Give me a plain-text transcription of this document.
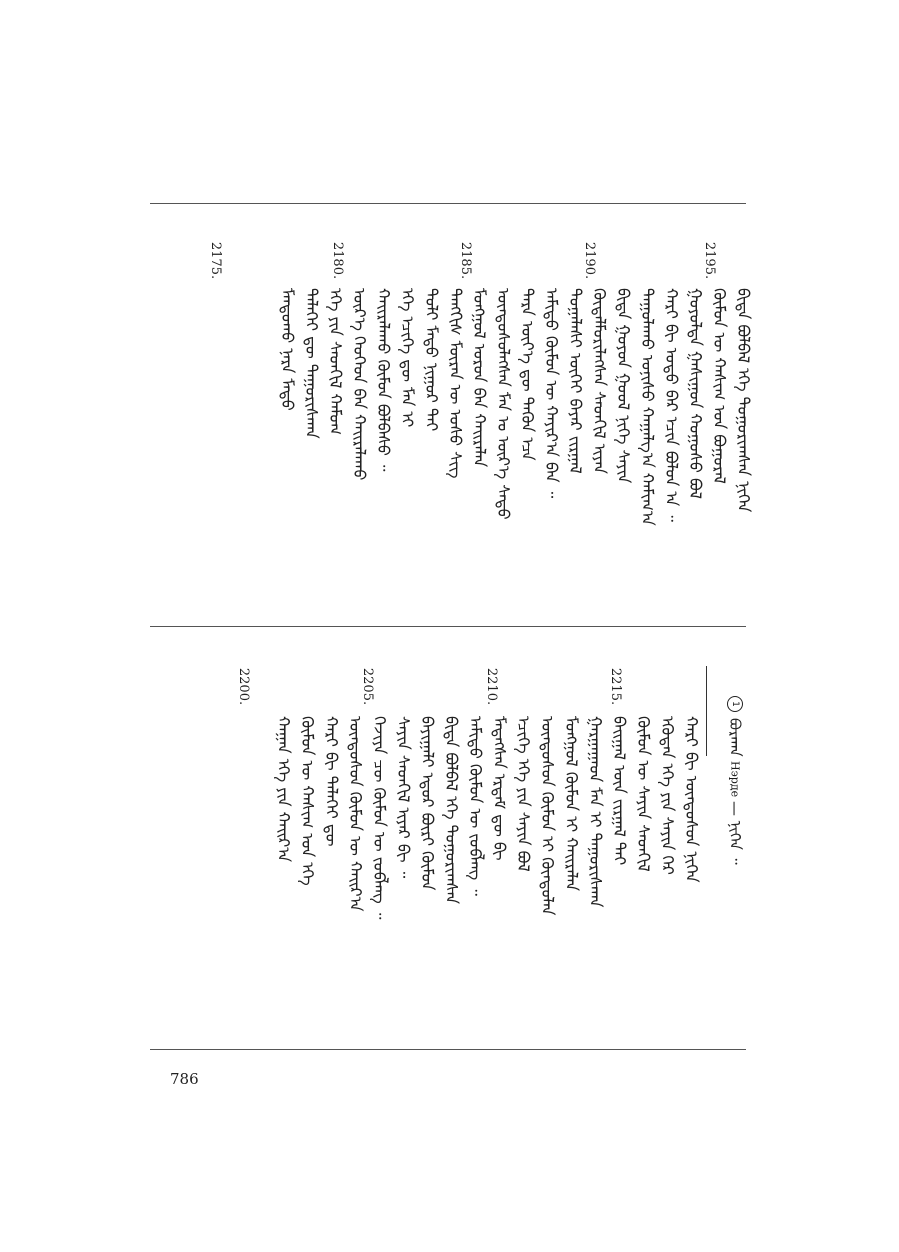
ᠪᠢᠳᠡ ᠪᠣᠯᠪᠠᠯ ᠡᠬᠡ ᠲᠣᠭᠣᠷᠢᠭᠰᠠᠨ ᠨᠢᠭᠡᠨ
ᠬᠦᠮᠦᠨ ᠦ ᠬᠠᠰᠢᠭ ᠤᠨ ᠪᠤᠭᠤᠷᠠᠯ
ᠭᠤᠶᠤᠯᠲᠠ ᠭᠠᠰᠢᠭᠤᠨ ᠬᠣᠭᠣᠰᠤ ᠪᠣᠯ
ᠬᠠᠷᠢ ᠪᠢ ᠣᠳᠣ ᠪᠠᠷ ᠡᠴᠢᠨ ᠪᠣᠯᠤᠨ ᠠ ᠃
ᠳᠠᠭᠤᠯᠠᠬᠤ ᠣᠨᠢᠰᠤ ᠬᠠᠭᠠᠯᠭ᠎ᠠ ᠬᠠᠮᠢᠭ᠎ᠠ
ᠪᠢᠳᠡ ᠭᠤᠶᠤᠨ ᠭᠣᠣᠯ ᠨᠢᠭᠡ ᠰᠠᠶᠢᠨ
ᠬᠦᠳᠡᠯᠮᠦᠷᠢᠯᠡᠭᠰᠡᠨ ᠰᠡᠳᠬᠢᠯ ᠢᠶᠡᠨ
ᠲᠣᠭᠠᠯᠠᠰᠢ ᠦᠭᠡᠢ ᠪᠠᠶᠠᠷ ᠵᠢᠷᠭᠠᠯ
ᠠᠮᠢᠳᠤ ᠬᠦᠮᠦᠨ ᠦ ᠬᠠᠶᠢᠷ᠎ᠠ ᠪᠡᠨ ᠃
ᠲᠡᠷᠡ ᠦᠶ᠎ᠡ ᠳᠦ ᠲᠡᠭᠦᠨ ᠡᠴᠡ
ᠦᠨᠳᠦᠰᠦᠯᠡᠭᠰᠡᠨ ᠮᠠᠨ ᠤ ᠦᠷ᠎ᠡ ᠰᠠᠳᠤ
ᠮᠣᠩᠭᠣᠯ ᠣᠷᠣᠨ ᠪᠠᠨ ᠬᠠᠢᠷᠠᠯᠠᠨ
ᠲᠡᠩᠭᠢᠰ ᠮᠥᠷᠡᠨ ᠦ ᠤᠰᠤ ᠰᠢᠭ
ᠲᠣᠯᠢ ᠮᠡᠲᠦ ᠨᠢᠭᠤᠷ ᠲᠠᠢ
ᠡᠬᠡ ᠡᠴᠢᠭᠡ ᠳᠦ ᠮᠠᠨ ᠢ
ᠬᠠᠢᠷᠠᠯᠠᠬᠤ ᠬᠦᠮᠦᠨ ᠪᠣᠯᠪᠠᠰᠤ ᠃
ᠦᠷ᠎ᠡ ᠬᠡᠦᠬᠡᠳ ᠪᠡᠨ ᠬᠠᠢᠷᠠᠯᠠᠬᠤ
ᠡᠬᠡ ᠶᠢᠨ ᠰᠡᠳᠬᠢᠯ ᠬᠠᠮᠤᠭ
ᠳᠡᠯᠡᠬᠡᠢ ᠳᠦ ᠳᠠᠭᠤᠷᠢᠰᠬᠠᠨ
ᠮᠠᠨᠳᠤᠬᠤ ᠨᠠᠷᠠ ᠮᠡᠲᠦ
2195.
2190.
2185.
2180.
2175.
1
ᠪᠤᠷᠬᠠᠨ
Нэрде
— ᠨᠢᠭᠡᠨ ᠃
ᠬᠠᠷᠢ ᠪᠢ ᠦᠨᠳᠦᠰᠦᠨ ᠨᠢᠭᠡᠨ
ᠡᠭᠦᠳᠡᠨ ᠡᠬᠡ ᠶᠢᠨ ᠰᠠᠶᠢᠨ ᠭᠡᠷ
ᠬᠦᠮᠦᠨ ᠦ ᠰᠠᠶᠢᠨ ᠰᠡᠳᠬᠢᠯ
ᠪᠠᠢᠭᠠᠯ ᠦᠨ ᠵᠢᠷᠭᠠᠯ ᠲᠠᠢ
ᠭᠠᠷᠭᠠᠭᠠᠳ ᠮᠠᠨ ᠢ ᠳᠠᠭᠤᠷᠢᠰᠬᠠᠨ
ᠮᠣᠩᠭᠣᠯ ᠬᠦᠮᠦᠨ ᠢ ᠬᠠᠢᠷᠠᠯᠠᠨ
ᠦᠨᠳᠦᠰᠦᠨ ᠬᠦᠮᠦᠨ ᠢ ᠬᠦᠨᠳᠦᠯᠡᠨ
ᠡᠴᠢᠭᠡ ᠡᠬᠡ ᠶᠢᠨ ᠰᠠᠶᠢᠨ ᠪᠣᠯ
ᠮᠡᠳᠡᠭᠰᠡᠨ ᠡᠷᠳᠡᠮ ᠳᠦ ᠪᠢ
ᠠᠮᠢᠳᠤ ᠬᠦᠮᠦᠨ ᠦ ᠵᠣᠪᠯᠠᠩ ᠃
ᠪᠢᠳᠡ ᠪᠣᠯᠪᠠᠯ ᠡᠬᠡ ᠲᠣᠭᠣᠷᠢᠭᠰᠠᠨ
ᠪᠠᠶᠢᠭᠠᠯᠢ ᠡᠳᠦᠷ ᠪᠦᠷᠢ ᠬᠦᠮᠦᠨ
ᠰᠠᠶᠢᠨ ᠰᠡᠳᠬᠢᠯ ᠢᠶᠡᠷ ᠪᠢ ᠃
ᠬᠡᠵᠢᠶᠡ ᠴᠦ ᠬᠦᠮᠦᠨ ᠦ ᠵᠣᠪᠯᠠᠩ ᠃
ᠦᠨᠳᠦᠰᠦᠨ ᠬᠦᠮᠦᠨ ᠦ ᠬᠠᠢᠷ᠎ᠠ
ᠬᠠᠷᠢ ᠪᠢ ᠳᠡᠯᠡᠬᠡᠢ ᠳᠦ
ᠬᠦᠮᠦᠨ ᠦ ᠬᠠᠰᠢᠭ ᠤᠨ ᠡᠬᠡ
ᠬᠠᠭᠠᠨ ᠡᠬᠡ ᠶᠢᠨ ᠬᠠᠢᠷ᠎ᠠ
2215.
2210.
2205.
2200.
786
